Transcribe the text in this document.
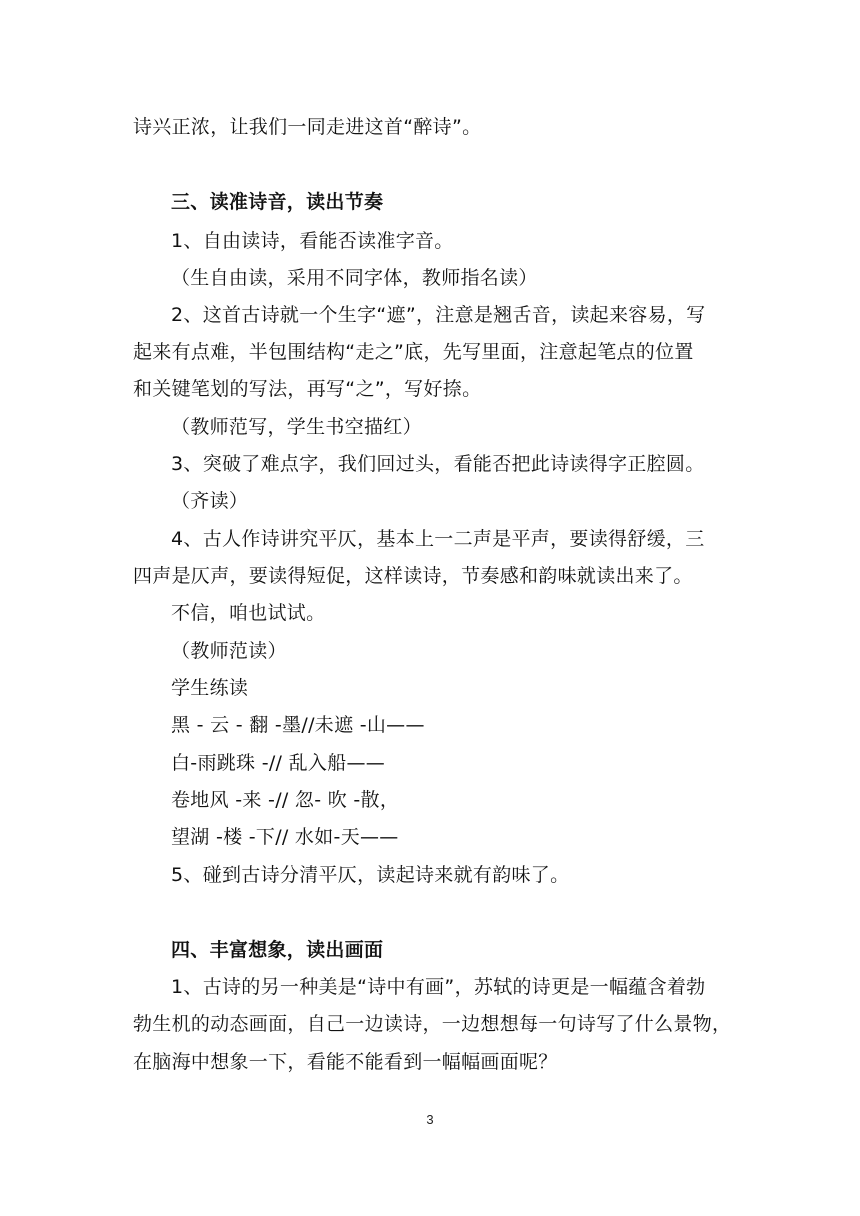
诗兴正浓，让我们一同走进这首“醉诗”。
三、读准诗音，读出节奏
1、自由读诗，看能否读准字音。
（生自由读，采用不同字体，教师指名读）
2、这首古诗就一个生字“遮”，注意是翘舌音，读起来容易，写
起来有点难，半包围结构“走之”底，先写里面，注意起笔点的位置
和关键笔划的写法，再写“之”，写好捺。
（教师范写，学生书空描红）
3、突破了难点字，我们回过头，看能否把此诗读得字正腔圆。
（齐读）
4、古人作诗讲究平仄，基本上一二声是平声，要读得舒缓，三
四声是仄声，要读得短促，这样读诗，节奏感和韵味就读出来了。
不信，咱也试试。
（教师范读）
学生练读
黑 - 云 - 翻 -墨//未遮 -山——
白-雨跳珠 -// 乱入船——
卷地风 -来 -// 忽- 吹 -散，
望湖 -楼 -下// 水如-天——
5、碰到古诗分清平仄，读起诗来就有韵味了。
四、丰富想象，读出画面
1、古诗的另一种美是“诗中有画”，苏轼的诗更是一幅蕴含着勃
勃生机的动态画面，自己一边读诗，一边想想每一句诗写了什么景物，
在脑海中想象一下，看能不能看到一幅幅画面呢？
3
